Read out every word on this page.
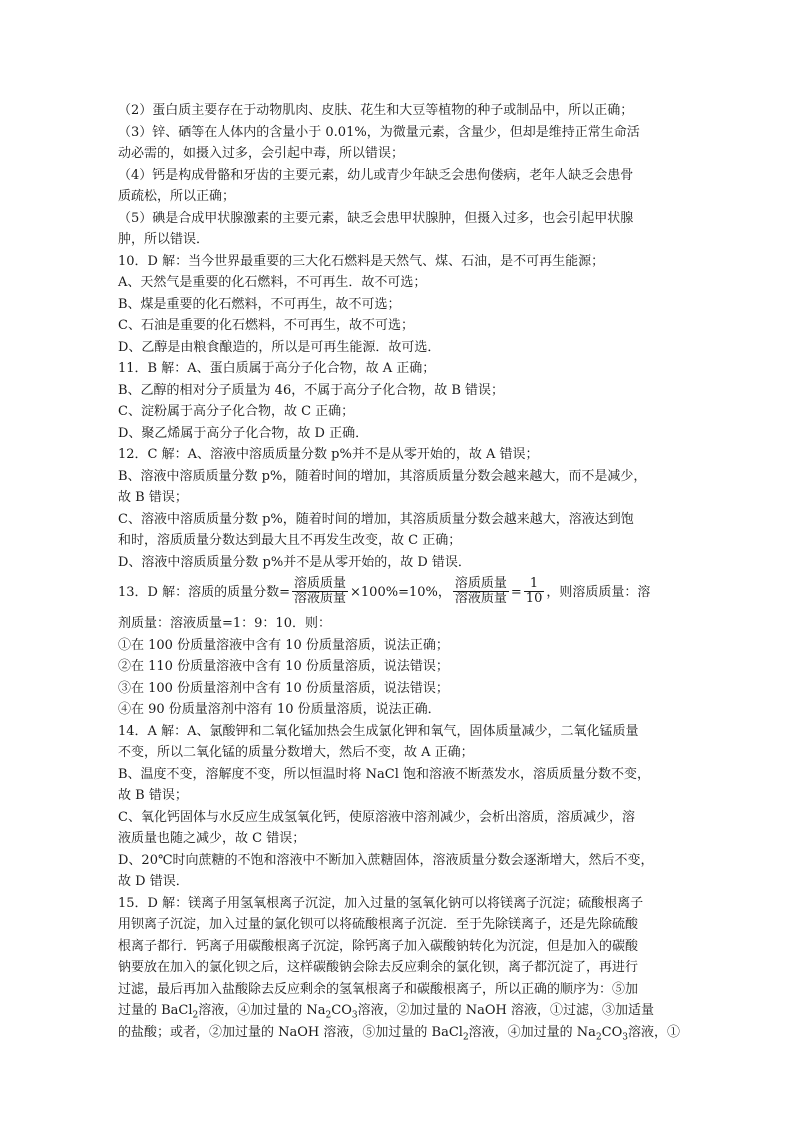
（2）蛋白质主要存在于动物肌肉、皮肤、花生和大豆等植物的种子或制品中，所以正确；
（3）锌、硒等在人体内的含量小于 0.01%，为微量元素，含量少，但却是维持正常生命活
动必需的，如摄入过多，会引起中毒，所以错误；
（4）钙是构成骨骼和牙齿的主要元素，幼儿或青少年缺乏会患佝偻病，老年人缺乏会患骨
质疏松，所以正确；
（5）碘是合成甲状腺激素的主要元素，缺乏会患甲状腺肿，但摄入过多，也会引起甲状腺
肿，所以错误．
10．D 解：当今世界最重要的三大化石燃料是天然气、煤、石油，是不可再生能源；
A、天然气是重要的化石燃料，不可再生．故不可选；
B、煤是重要的化石燃料，不可再生，故不可选；
C、石油是重要的化石燃料，不可再生，故不可选；
D、乙醇是由粮食酿造的，所以是可再生能源．故可选．
11．B 解：A、蛋白质属于高分子化合物，故 A 正确；
B、乙醇的相对分子质量为 46，不属于高分子化合物，故 B 错误；
C、淀粉属于高分子化合物，故 C 正确；
D、聚乙烯属于高分子化合物，故 D 正确．
12．C 解：A、溶液中溶质质量分数 p%并不是从零开始的，故 A 错误；
B、溶液中溶质质量分数 p%，随着时间的增加，其溶质质量分数会越来越大，而不是减少，
故 B 错误；
C、溶液中溶质质量分数 p%，随着时间的增加，其溶质质量分数会越来越大，溶液达到饱
和时，溶质质量分数达到最大且不再发生改变，故 C 正确；
D、溶液中溶质质量分数 p%并不是从零开始的，故 D 错误．
13．D 解：溶质的质量分数= $\frac{\text{溶质质量}}{\text{溶液质量}} \times 100\%=10\%$， $\frac{\text{溶质质量}}{\text{溶液质量}} = \frac{1}{10}$ ，则溶质质量：溶
剂质量：溶液质量=1：9：10．则：
①在 100 份质量溶液中含有 10 份质量溶质，说法正确；
②在 110 份质量溶液中含有 10 份质量溶质，说法错误；
③在 100 份质量溶剂中含有 10 份质量溶质，说法错误；
④在 90 份质量溶剂中溶有 10 份质量溶质，说法正确．
14．A 解：A、氯酸钾和二氧化锰加热会生成氯化钾和氧气，固体质量减少，二氧化锰质量
不变，所以二氧化锰的质量分数增大，然后不变，故 A 正确；
B、温度不变，溶解度不变，所以恒温时将 NaCl 饱和溶液不断蒸发水，溶质质量分数不变，
故 B 错误；
C、氧化钙固体与水反应生成氢氧化钙，使原溶液中溶剂减少，会析出溶质，溶质减少，溶
液质量也随之减少，故 C 错误；
D、20℃时向蔗糖的不饱和溶液中不断加入蔗糖固体，溶液质量分数会逐渐增大，然后不变，
故 D 错误．
15．D 解：镁离子用氢氧根离子沉淀，加入过量的氢氧化钠可以将镁离子沉淀；硫酸根离子
用钡离子沉淀，加入过量的氯化钡可以将硫酸根离子沉淀．至于先除镁离子，还是先除硫酸
根离子都行．钙离子用碳酸根离子沉淀，除钙离子加入碳酸钠转化为沉淀，但是加入的碳酸
钠要放在加入的氯化钡之后，这样碳酸钠会除去反应剩余的氯化钡，离子都沉淀了，再进行
过滤，最后再加入盐酸除去反应剩余的氢氧根离子和碳酸根离子，所以正确的顺序为：⑤加
过量的 BaCl$_2$溶液，④加过量的 $Na_2CO_3$溶液，②加过量的 NaOH 溶液，①过滤，③加适量
的盐酸；或者，②加过量的 NaOH 溶液，⑤加过量的 BaCl$_2$溶液，④加过量的 $Na_2CO_3$溶液，①
